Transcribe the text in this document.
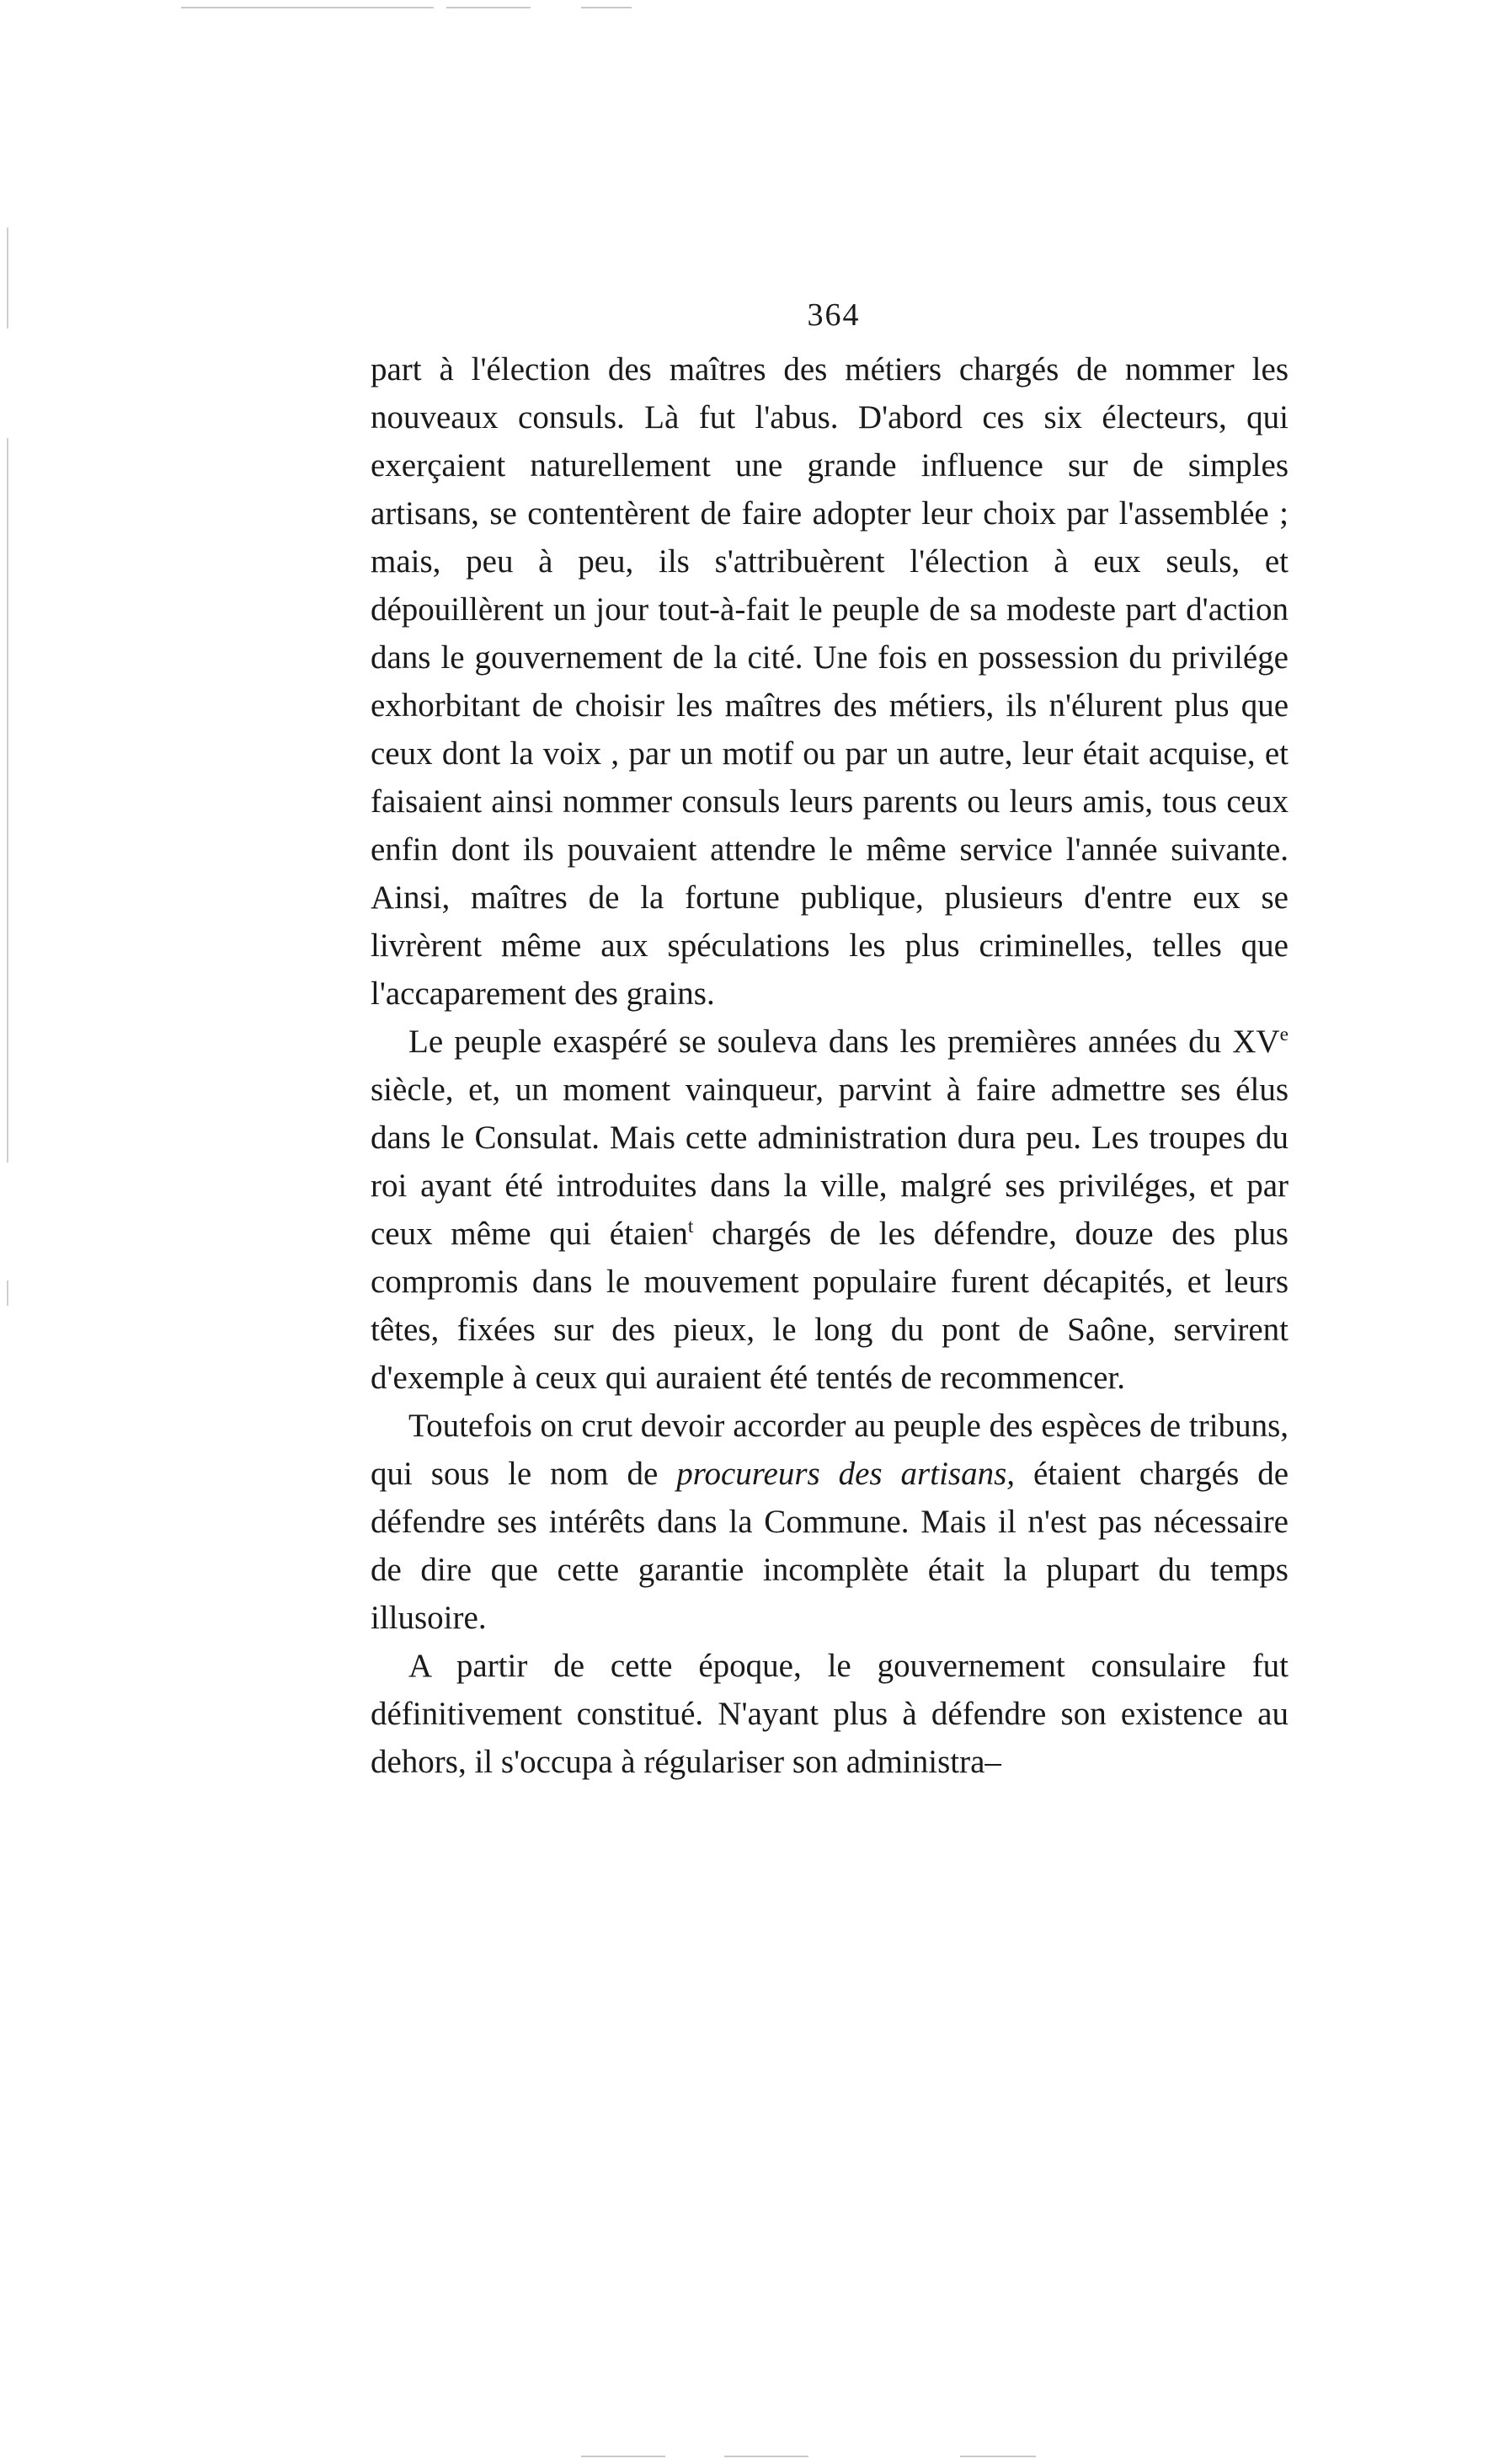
364

part à l'élection des maîtres des métiers chargés de nommer les nouveaux consuls. Là fut l'abus. D'abord ces six électeurs, qui exerçaient naturellement une grande influence sur de simples artisans, se contentèrent de faire adopter leur choix par l'assemblée ; mais, peu à peu, ils s'attribuèrent l'élection à eux seuls, et dépouillèrent un jour tout-à-fait le peuple de sa modeste part d'action dans le gouvernement de la cité. Une fois en possession du privilége exhorbitant de choisir les maîtres des métiers, ils n'élurent plus que ceux dont la voix , par un motif ou par un autre, leur était acquise, et faisaient ainsi nommer consuls leurs parents ou leurs amis, tous ceux enfin dont ils pouvaient attendre le même service l'année suivante. Ainsi, maîtres de la fortune publique, plusieurs d'entre eux se livrèrent même aux spéculations les plus criminelles, telles que l'accaparement des grains.

Le peuple exaspéré se souleva dans les premières années du XVe siècle, et, un moment vainqueur, parvint à faire admettre ses élus dans le Consulat. Mais cette administration dura peu. Les troupes du roi ayant été introduites dans la ville, malgré ses priviléges, et par ceux même qui étaien$^t$ chargés de les défendre, douze des plus compromis dans le mouvement populaire furent décapités, et leurs têtes, fixées sur des pieux, le long du pont de Saône, servirent d'exemple à ceux qui auraient été tentés de recommencer.

Toutefois on crut devoir accorder au peuple des espèces de tribuns, qui sous le nom de procureurs des artisans, étaient chargés de défendre ses intérêts dans la Commune. Mais il n'est pas nécessaire de dire que cette garantie incomplète était la plupart du temps illusoire.

A partir de cette époque, le gouvernement consulaire fut définitivement constitué. N'ayant plus à défendre son existence au dehors, il s'occupa à régulariser son administra–
